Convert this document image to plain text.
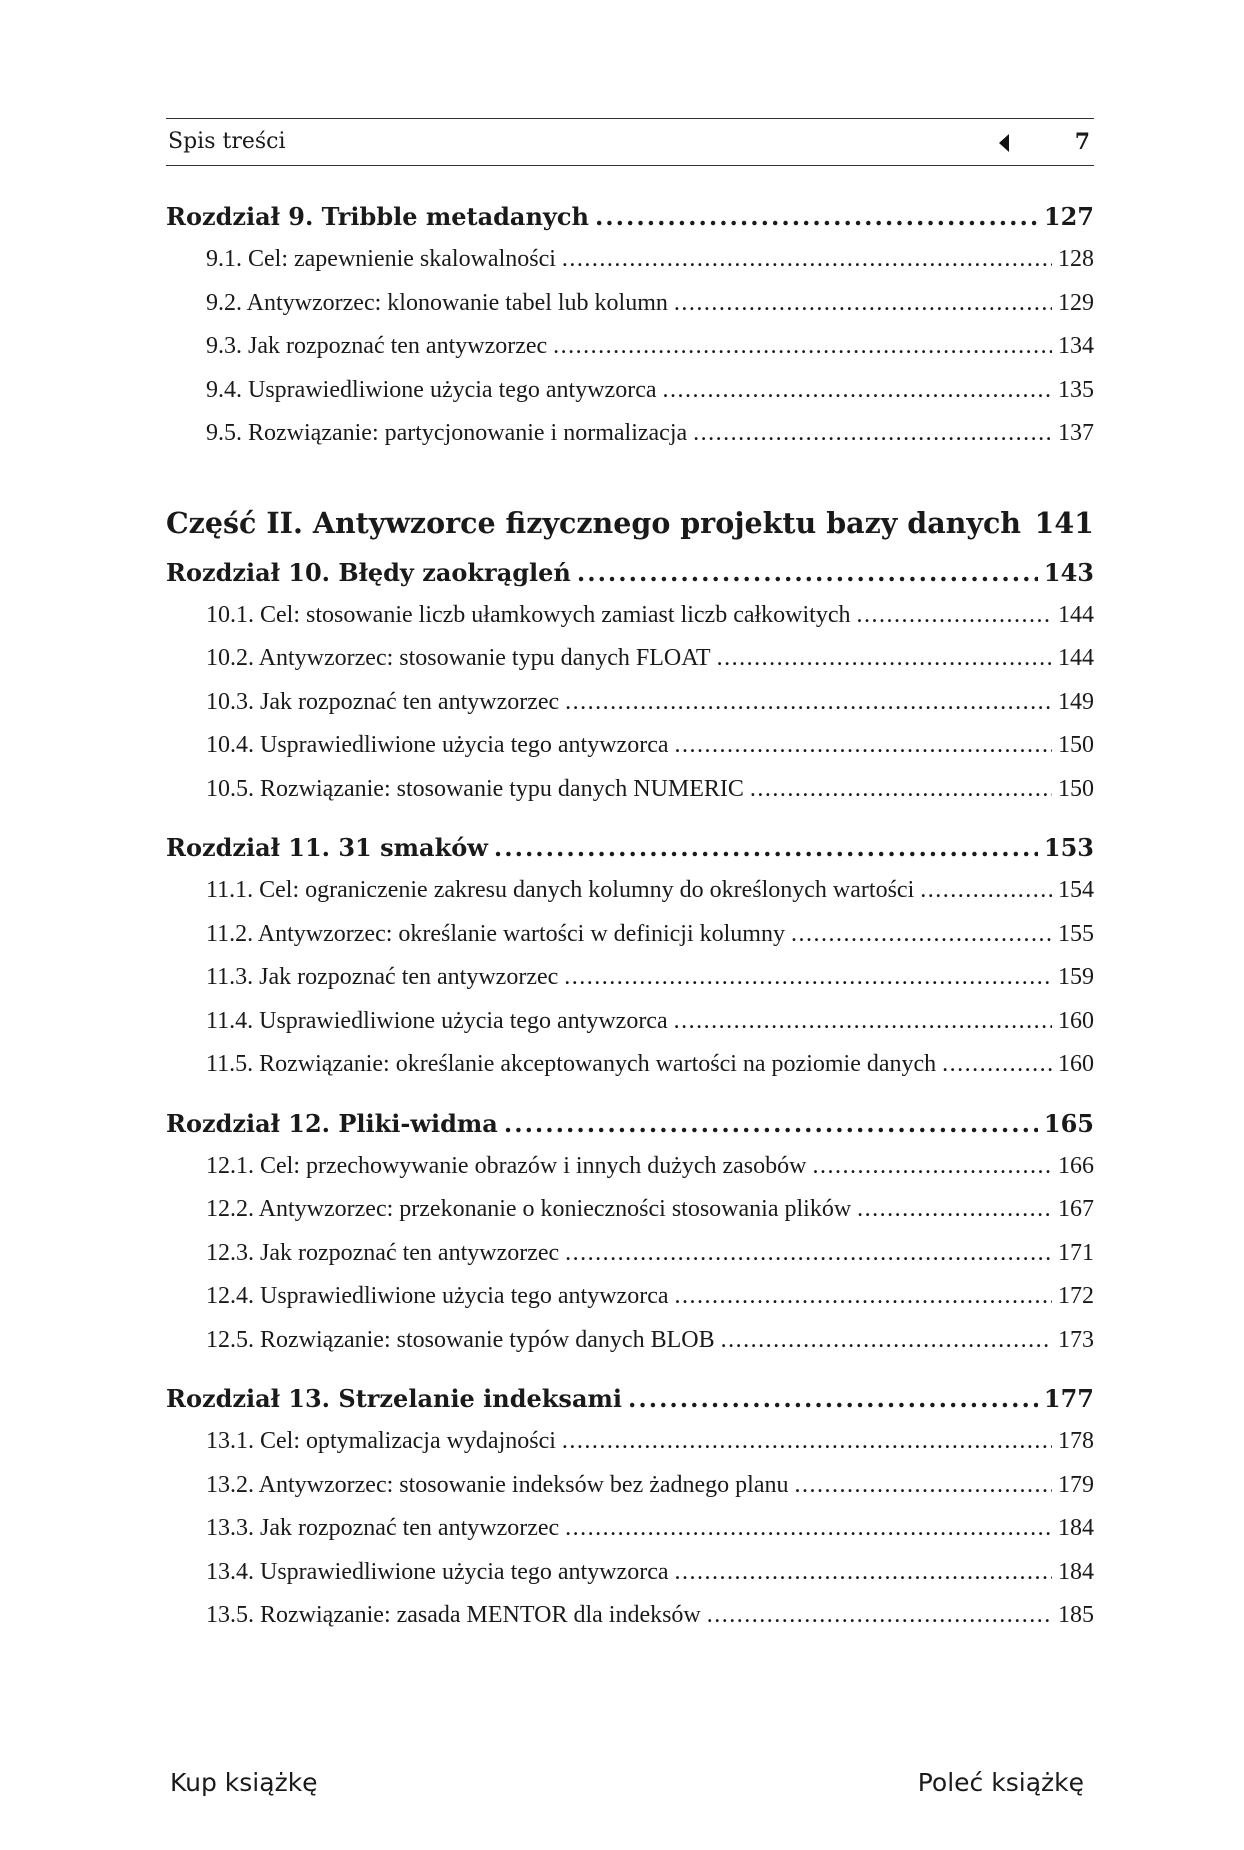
Spis treści	7
Rozdział 9. Tribble metadanych .....	127
9.1. Cel: zapewnienie skalowalności .....	128
9.2. Antywzorzec: klonowanie tabel lub kolumn .....	129
9.3. Jak rozpoznać ten antywzorzec .....	134
9.4. Usprawiedliwione użycia tego antywzorca .....	135
9.5. Rozwiązanie: partycjonowanie i normalizacja .....	137
Część II. Antywzorce fizycznego projektu bazy danych ..... 141
Rozdział 10. Błędy zaokrągleń .....	143
10.1. Cel: stosowanie liczb ułamkowych zamiast liczb całkowitych .....	144
10.2. Antywzorzec: stosowanie typu danych FLOAT .....	144
10.3. Jak rozpoznać ten antywzorzec .....	149
10.4. Usprawiedliwione użycia tego antywzorca .....	150
10.5. Rozwiązanie: stosowanie typu danych NUMERIC .....	150
Rozdział 11. 31 smaków .....	153
11.1. Cel: ograniczenie zakresu danych kolumny do określonych wartości .....	154
11.2. Antywzorzec: określanie wartości w definicji kolumny .....	155
11.3. Jak rozpoznać ten antywzorzec .....	159
11.4. Usprawiedliwione użycia tego antywzorca .....	160
11.5. Rozwiązanie: określanie akceptowanych wartości na poziomie danych .....	160
Rozdział 12. Pliki-widma .....	165
12.1. Cel: przechowywanie obrazów i innych dużych zasobów .....	166
12.2. Antywzorzec: przekonanie o konieczności stosowania plików .....	167
12.3. Jak rozpoznać ten antywzorzec .....	171
12.4. Usprawiedliwione użycia tego antywzorca .....	172
12.5. Rozwiązanie: stosowanie typów danych BLOB .....	173
Rozdział 13. Strzelanie indeksami .....	177
13.1. Cel: optymalizacja wydajności .....	178
13.2. Antywzorzec: stosowanie indeksów bez żadnego planu .....	179
13.3. Jak rozpoznać ten antywzorzec .....	184
13.4. Usprawiedliwione użycia tego antywzorca .....	184
13.5. Rozwiązanie: zasada MENTOR dla indeksów .....	185
Kup książkę	Poleć książkę
